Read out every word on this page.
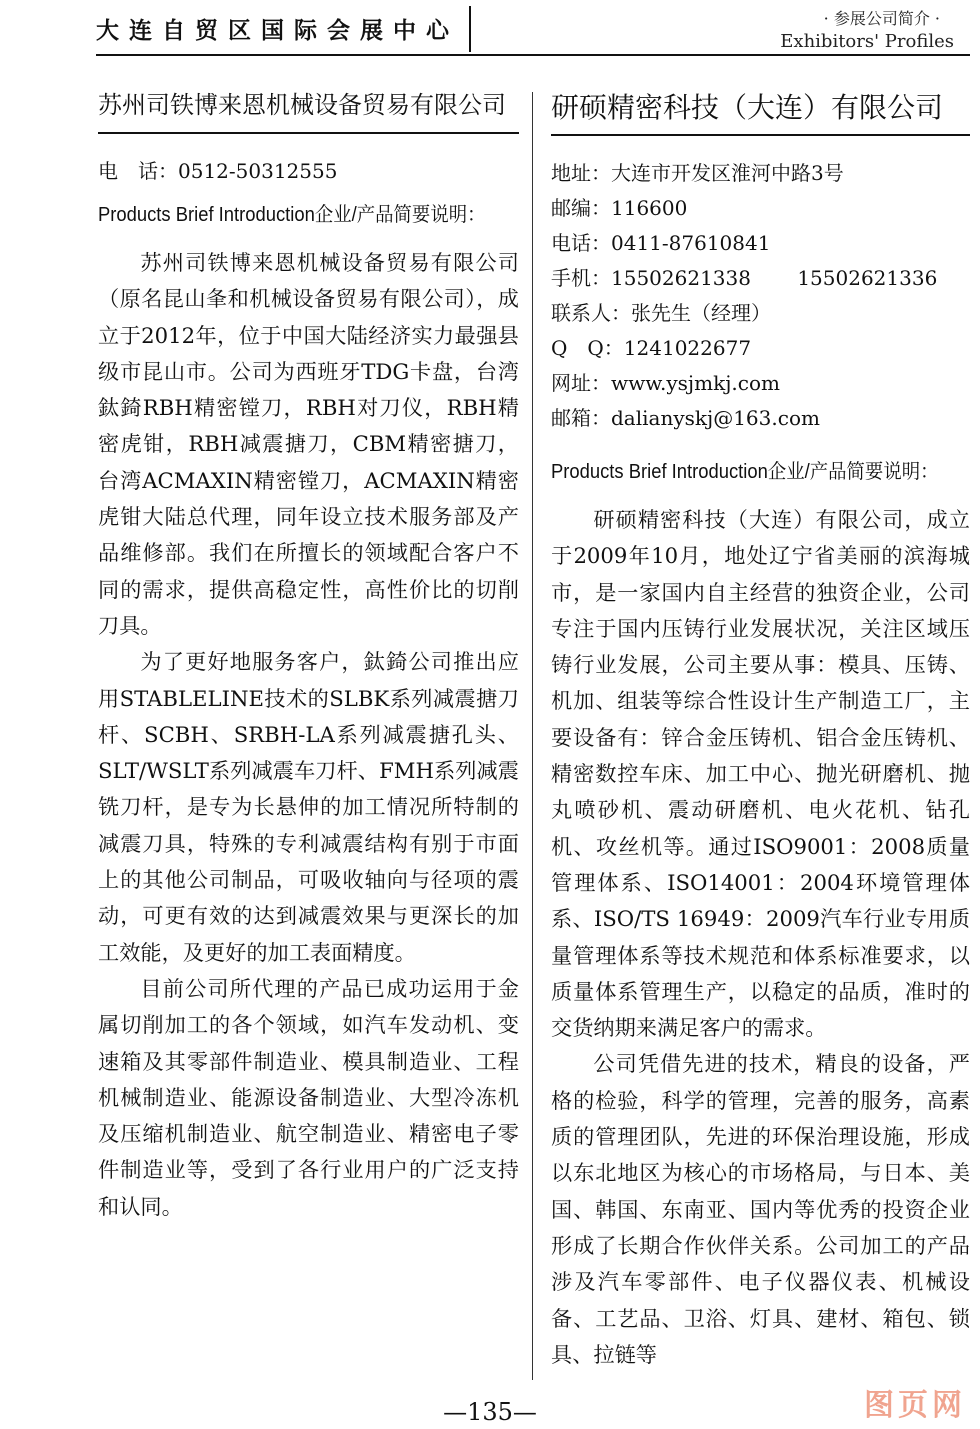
大连自贸区国际会展中心	· 参展公司简介 ·
Exhibitors' Profiles
苏州司铁博来恩机械设备贸易有限公司
电　话：0512-50312555
Products Brief Introduction企业/产品简要说明：

苏州司铁博来恩机械设备贸易有限公司（原名昆山夆和机械设备贸易有限公司），成立于2012年，位于中国大陆经济实力最强县级市昆山市。公司为西班牙TDG卡盘，台湾鈦錡RBH精密镗刀，RBH对刀仪，RBH精密虎钳，RBH减震搪刀，CBM精密搪刀，台湾ACMAXIN精密镗刀，ACMAXIN精密虎钳大陆总代理，同年设立技术服务部及产品维修部。我们在所擅长的领域配合客户不同的需求，提供高稳定性，高性价比的切削刀具。

为了更好地服务客户，鈦錡公司推出应用STABLELINE技术的SLBK系列减震搪刀杆、SCBH、SRBH-LA系列减震搪孔头、SLT/WSLT系列减震车刀杆、FMH系列减震铣刀杆，是专为长悬伸的加工情况所特制的减震刀具，特殊的专利减震结构有别于市面上的其他公司制品，可吸收轴向与径项的震动，可更有效的达到减震效果与更深长的加工效能，及更好的加工表面精度。

目前公司所代理的产品已成功运用于金属切削加工的各个领域，如汽车发动机、变速箱及其零部件制造业、模具制造业、工程机械制造业、能源设备制造业、大型冷冻机及压缩机制造业、航空制造业、精密电子零件制造业等，受到了各行业用户的广泛支持和认同。

研硕精密科技（大连）有限公司
地址：大连市开发区淮河中路3号
邮编：116600
电话：0411-87610841
手机：15502621338　　 15502621336
联系人：张先生（经理）
Q　Q：1241022677
网址：www.ysjmkj.com
邮箱：dalianyskj@163.com
Products Brief Introduction企业/产品简要说明：

研硕精密科技（大连）有限公司，成立于2009年10月，地处辽宁省美丽的滨海城市，是一家国内自主经营的独资企业，公司专注于国内压铸行业发展状况，关注区域压铸行业发展，公司主要从事：模具、压铸、机加、组装等综合性设计生产制造工厂，主要设备有：锌合金压铸机、铝合金压铸机、精密数控车床、加工中心、抛光研磨机、抛丸喷砂机、震动研磨机、电火花机、钻孔机、攻丝机等。通过ISO9001：2008质量管理体系、ISO14001：2004环境管理体系、ISO/TS 16949：2009汽车行业专用质量管理体系等技术规范和体系标准要求，以质量体系管理生产，以稳定的品质，准时的交货纳期来满足客户的需求。

公司凭借先进的技术，精良的设备，严格的检验，科学的管理，完善的服务，高素质的管理团队，先进的环保治理设施，形成以东北地区为核心的市场格局，与日本、美国、韩国、东南亚、国内等优秀的投资企业形成了长期合作伙伴关系。公司加工的产品涉及汽车零部件、电子仪器仪表、机械设备、工艺品、卫浴、灯具、建材、箱包、锁具、拉链等

—135—	图页网
